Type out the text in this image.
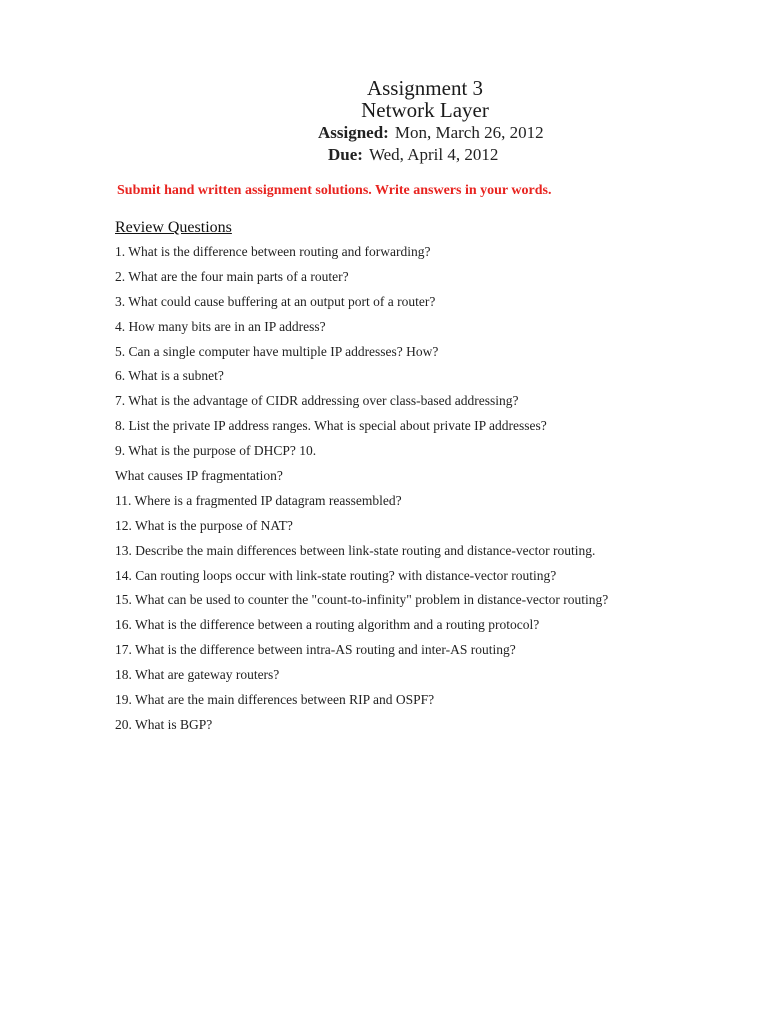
Assignment 3
Network Layer
Assigned: Mon, March 26, 2012
Due: Wed, April 4, 2012
Submit hand written assignment solutions. Write answers in your words.
Review Questions
1. What is the difference between routing and forwarding?
2. What are the four main parts of a router?
3. What could cause buffering at an output port of a router?
4. How many bits are in an IP address?
5. Can a single computer have multiple IP addresses? How?
6. What is a subnet?
7. What is the advantage of CIDR addressing over class-based addressing?
8. List the private IP address ranges. What is special about private IP addresses?
9. What is the purpose of DHCP? 10.
What causes IP fragmentation?
11. Where is a fragmented IP datagram reassembled?
12. What is the purpose of NAT?
13. Describe the main differences between link-state routing and distance-vector routing.
14. Can routing loops occur with link-state routing? with distance-vector routing?
15. What can be used to counter the "count-to-infinity" problem in distance-vector routing?
16. What is the difference between a routing algorithm and a routing protocol?
17. What is the difference between intra-AS routing and inter-AS routing?
18. What are gateway routers?
19. What are the main differences between RIP and OSPF?
20. What is BGP?
